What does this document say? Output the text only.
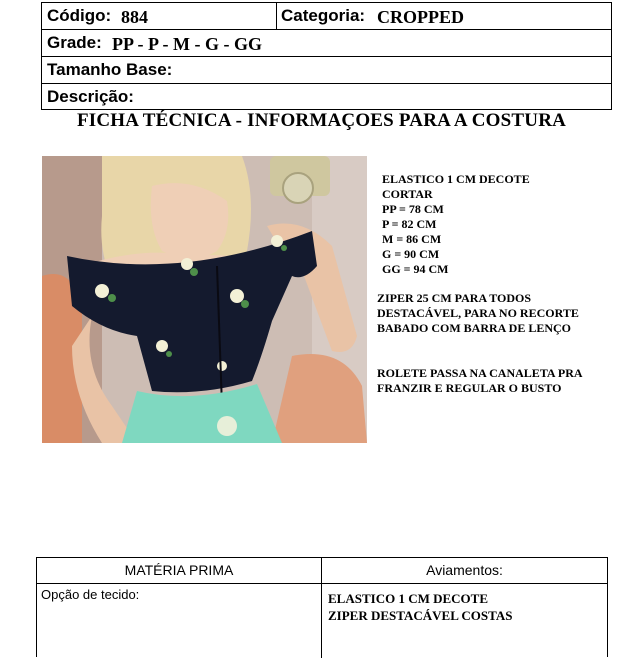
Código: 884	Categoria: CROPPED
Grade: PP - P - M - G - GG
Tamanho Base:
Descrição:
FICHA TÉCNICA - INFORMAÇOES PARA A COSTURA
ELASTICO 1 CM DECOTE
CORTAR
PP = 78 CM
P = 82 CM
M = 86 CM
G = 90 CM
GG = 94 CM
ZIPER 25 CM PARA TODOS
DESTACÁVEL, PARA NO RECORTE
BABADO COM BARRA DE LENÇO
ROLETE PASSA NA CANALETA PRA
FRANZIR E REGULAR O BUSTO
MATÉRIA PRIMA	Aviamentos:
Opção de tecido:	ELASTICO 1 CM DECOTE
ZIPER DESTACÁVEL COSTAS
